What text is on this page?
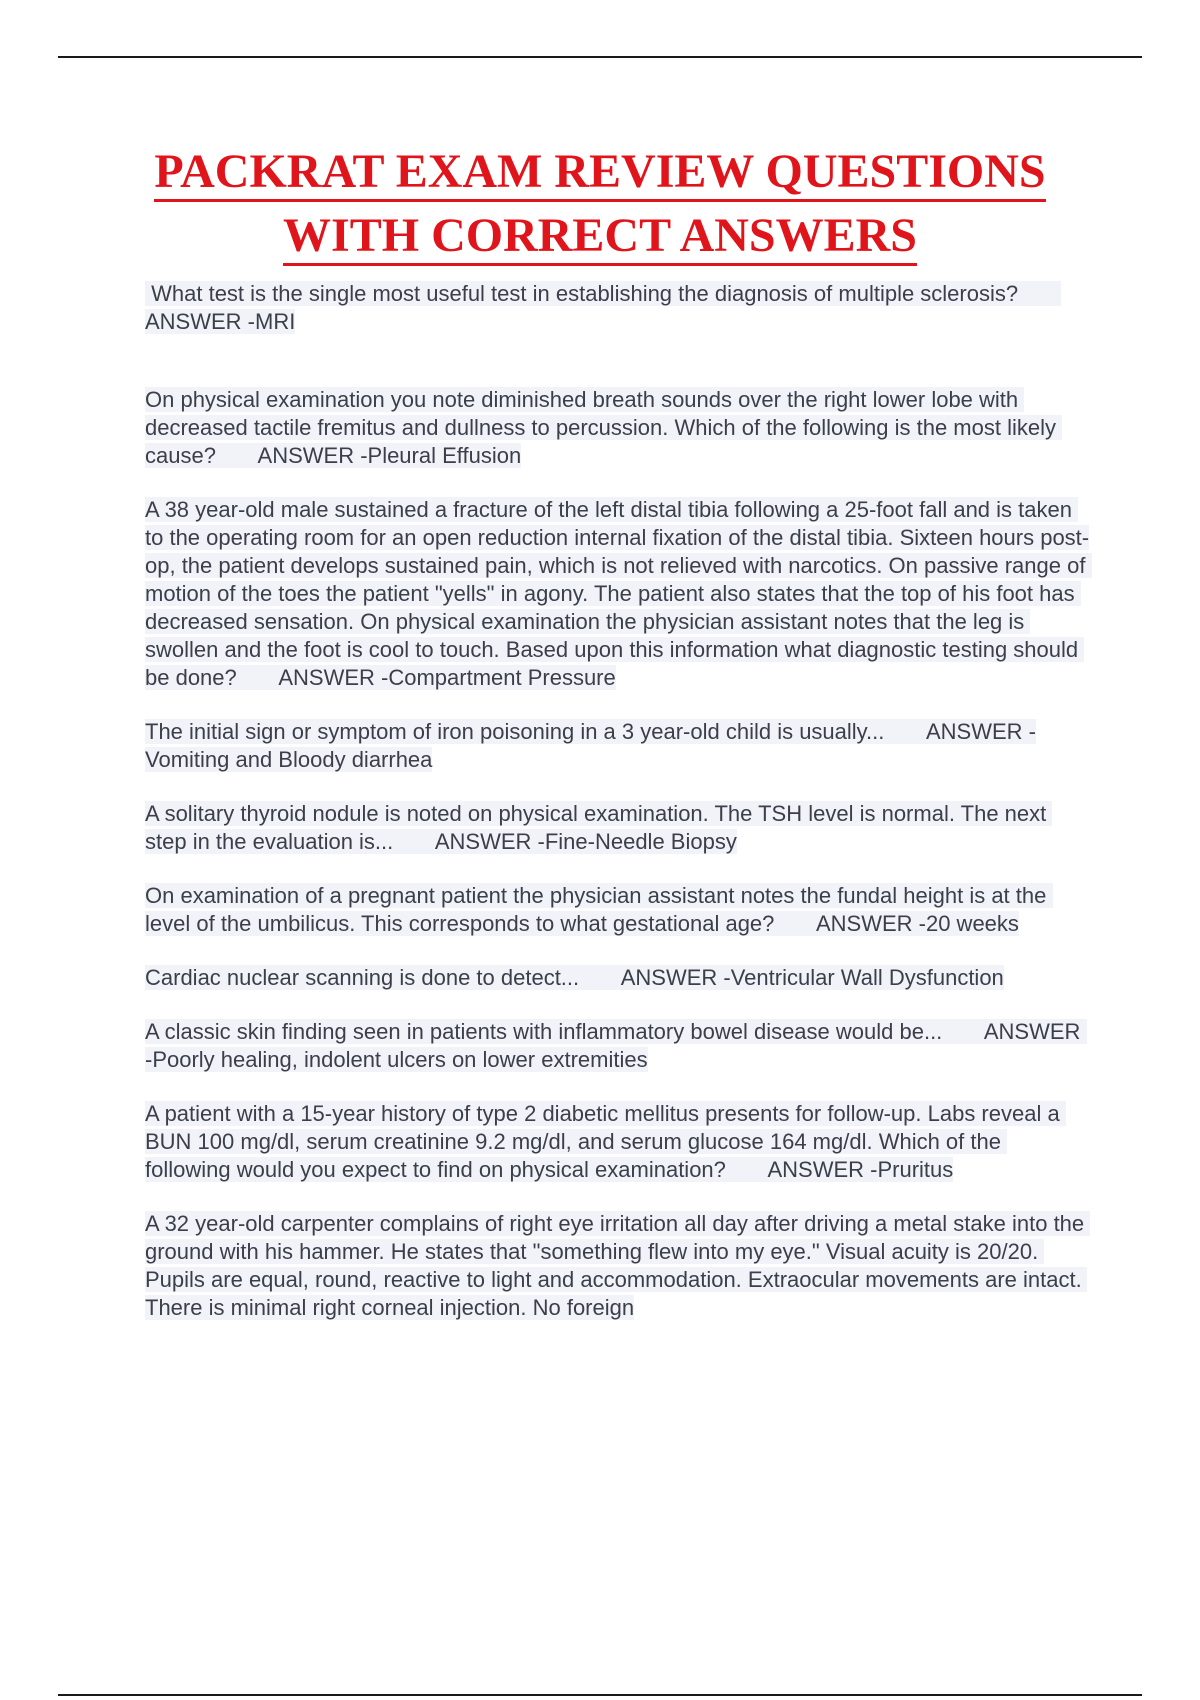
PACKRAT EXAM REVIEW QUESTIONS
WITH CORRECT ANSWERS

What test is the single most useful test in establishing the diagnosis of multiple sclerosis?       ANSWER -MRI

On physical examination you note diminished breath sounds over the right lower lobe with decreased tactile fremitus and dullness to percussion. Which of the following is the most likely cause?       ANSWER -Pleural Effusion

A 38 year-old male sustained a fracture of the left distal tibia following a 25-foot fall and is taken to the operating room for an open reduction internal fixation of the distal tibia. Sixteen hours post-op, the patient develops sustained pain, which is not relieved with narcotics. On passive range of motion of the toes the patient "yells" in agony. The patient also states that the top of his foot has decreased sensation. On physical examination the physician assistant notes that the leg is swollen and the foot is cool to touch. Based upon this information what diagnostic testing should be done?       ANSWER -Compartment Pressure

The initial sign or symptom of iron poisoning in a 3 year-old child is usually...       ANSWER -Vomiting and Bloody diarrhea

A solitary thyroid nodule is noted on physical examination. The TSH level is normal. The next step in the evaluation is...       ANSWER -Fine-Needle Biopsy

On examination of a pregnant patient the physician assistant notes the fundal height is at the level of the umbilicus. This corresponds to what gestational age?       ANSWER -20 weeks

Cardiac nuclear scanning is done to detect...       ANSWER -Ventricular Wall Dysfunction

A classic skin finding seen in patients with inflammatory bowel disease would be...       ANSWER -Poorly healing, indolent ulcers on lower extremities

A patient with a 15-year history of type 2 diabetic mellitus presents for follow-up. Labs reveal a BUN 100 mg/dl, serum creatinine 9.2 mg/dl, and serum glucose 164 mg/dl. Which of the following would you expect to find on physical examination?       ANSWER -Pruritus

A 32 year-old carpenter complains of right eye irritation all day after driving a metal stake into the ground with his hammer. He states that "something flew into my eye." Visual acuity is 20/20. Pupils are equal, round, reactive to light and accommodation. Extraocular movements are intact. There is minimal right corneal injection. No foreign
